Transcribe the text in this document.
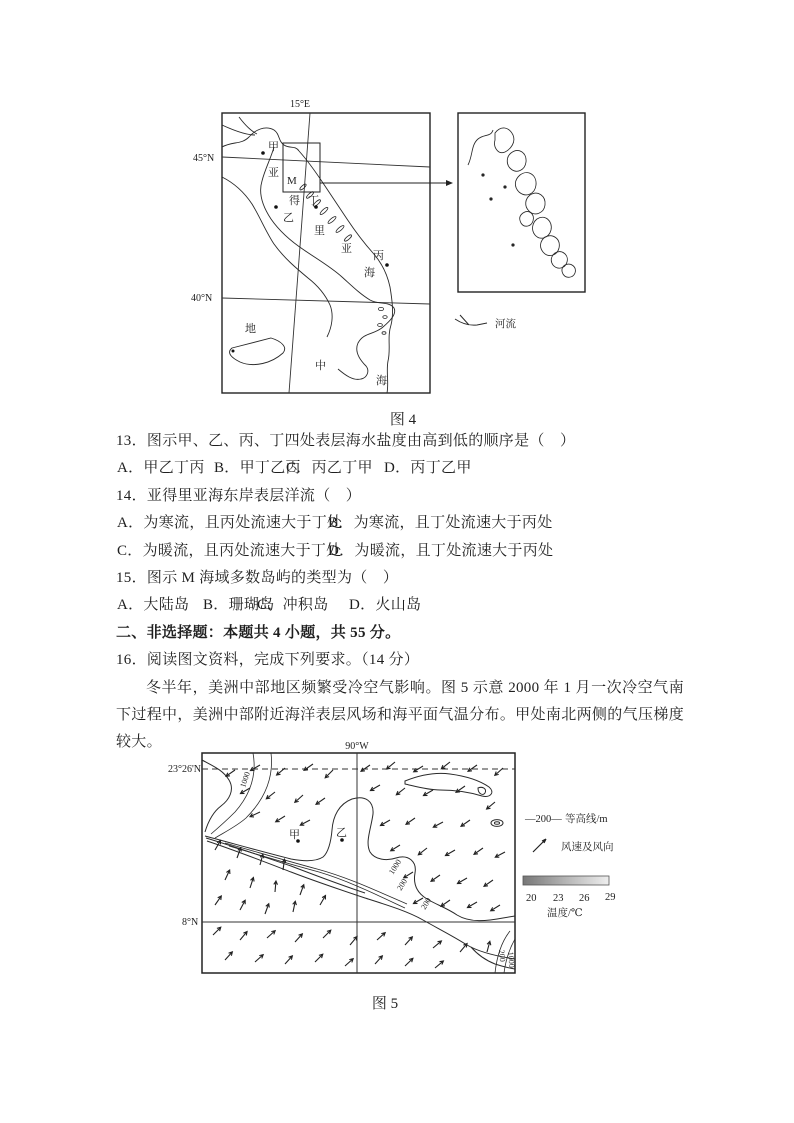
15°E
45°N
40°N
甲
乙
丁
丙
M
亚
得
里
亚
海
地
中
海
河流
图 4
13．图示甲、乙、丙、丁四处表层海水盐度由高到低的顺序是（　）
A．甲乙丁丙 B．甲丁乙丙
C．丙乙丁甲 D．丙丁乙甲
14．亚得里亚海东岸表层洋流（　）
A．为寒流，且丙处流速大于丁处
B．为寒流，且丁处流速大于丙处
C．为暖流，且丙处流速大于丁处
D．为暖流，且丁处流速大于丙处
15．图示 M 海域多数岛屿的类型为（　）
A．大陆岛 B．珊瑚岛
C．冲积岛 D．火山岛
二、非选择题：本题共 4 小题，共 55 分。
16．阅读图文资料，完成下列要求。（14 分）

冬半年，美洲中部地区频繁受冷空气影响。图 5 示意 2000 年 1 月一次冷空气南下过程中，美洲中部附近海洋表层风场和海平面气温分布。甲处南北两侧的气压梯度较大。	90°W
23°26'N
8°N
1000
1000
200
200
200
1000
甲	乙
—200— 等高线/m
风速及风向
20 23 26 29
温度/℃
图 5
